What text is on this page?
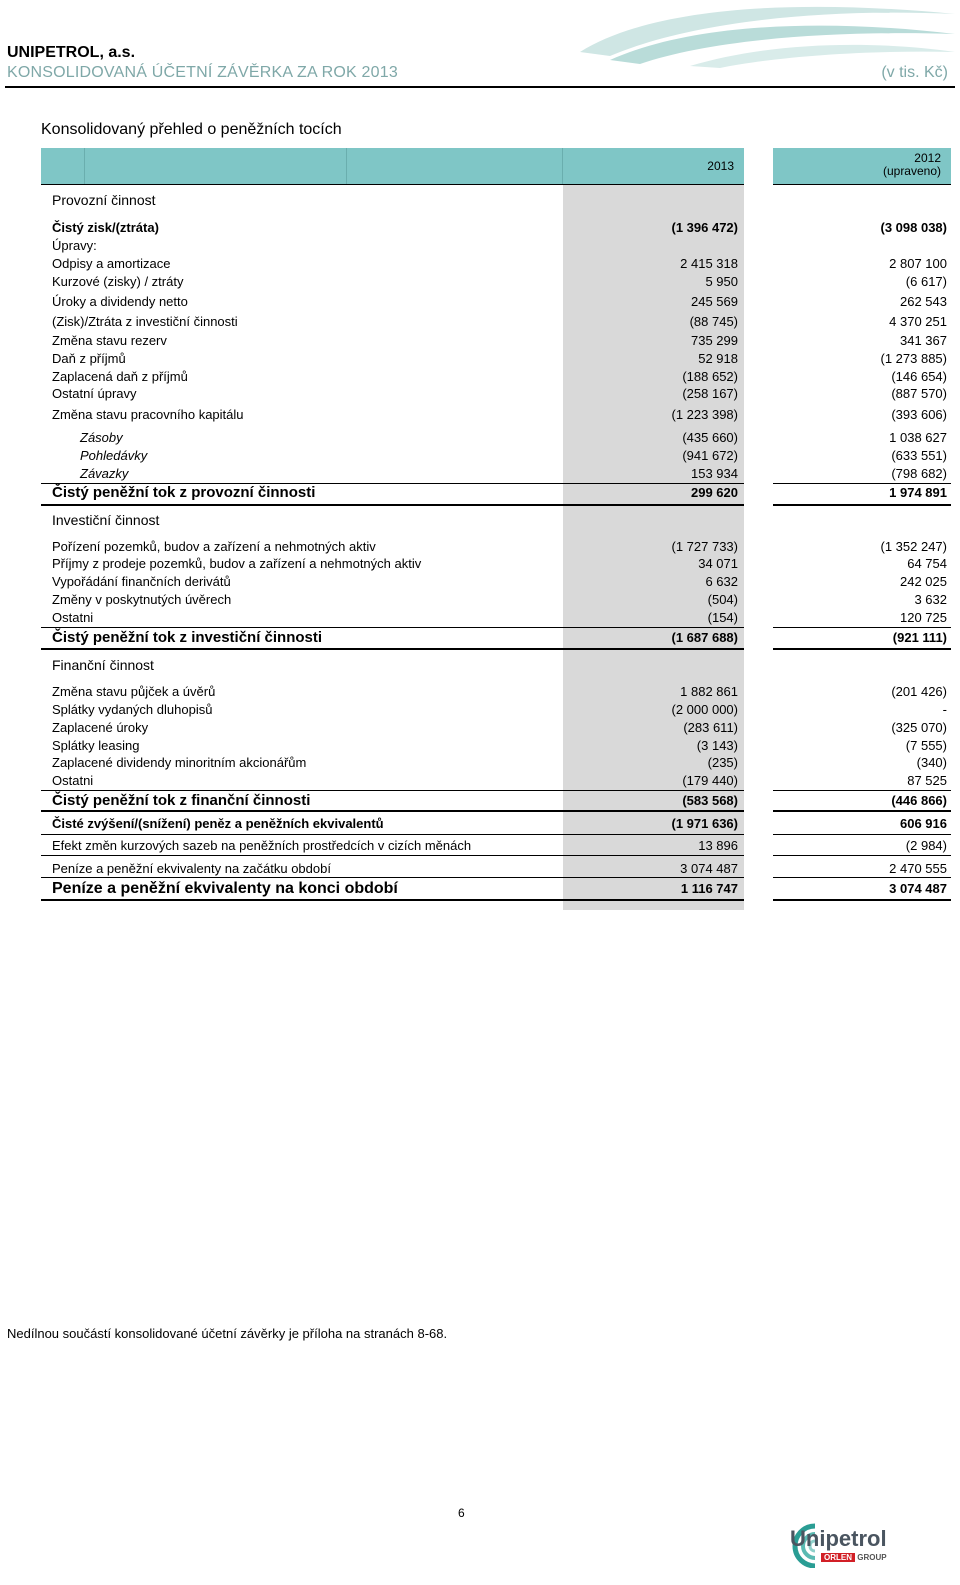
UNIPETROL, a.s.
KONSOLIDOVANÁ ÚČETNÍ ZÁVĚRKA ZA ROK 2013	(v tis. Kč)
Konsolidovaný přehled o peněžních tocích
2013
2012
(upraveno)
Provozní činnost
Čistý zisk/(ztráta)	(1 396 472)	(3 098 038)
Úpravy:
Odpisy a amortizace	2 415 318	2 807 100
Kurzové (zisky) / ztráty	5 950	(6 617)
Úroky a dividendy netto	245 569	262 543
(Zisk)/Ztráta z investiční činnosti	(88 745)	4 370 251
Změna stavu rezerv	735 299	341 367
Daň z příjmů	52 918	(1 273 885)
Zaplacená daň z příjmů	(188 652)	(146 654)
Ostatní úpravy	(258 167)	(887 570)
Změna stavu pracovního kapitálu	(1 223 398)	(393 606)
Zásoby	(435 660)	1 038 627
Pohledávky	(941 672)	(633 551)
Závazky	153 934	(798 682)
Čistý peněžní tok z provozní činnosti	299 620	1 974 891
Investiční činnost
Pořízení pozemků, budov a zařízení a nehmotných aktiv	(1 727 733)	(1 352 247)
Příjmy z prodeje pozemků, budov a zařízení a nehmotných aktiv	34 071	64 754
Vypořádání finančních derivátů	6 632	242 025
Změny v poskytnutých úvěrech	(504)	3 632
Ostatni	(154)	120 725
Čistý peněžní tok z investiční činnosti	(1 687 688)	(921 111)
Finanční činnost
Změna stavu půjček a úvěrů	1 882 861	(201 426)
Splátky vydaných dluhopisů	(2 000 000)	-
Zaplacené úroky	(283 611)	(325 070)
Splátky leasing	(3 143)	(7 555)
Zaplacené dividendy minoritním akcionářům	(235)	(340)
Ostatni	(179 440)	87 525
Čistý peněžní tok z finanční činnosti	(583 568)	(446 866)
Čisté zvýšení/(snížení) peněz a peněžních ekvivalentů	(1 971 636)	606 916
Efekt změn kurzových sazeb na peněžních prostředcích v cizích měnách	13 896	(2 984)
Peníze a peněžní ekvivalenty na začátku období	3 074 487	2 470 555
Peníze a peněžní ekvivalenty na konci období	1 116 747	3 074 487
Nedílnou součástí konsolidované účetní závěrky je příloha na stranách 8-68.
6
Unipetrol
ORLEN GROUP
